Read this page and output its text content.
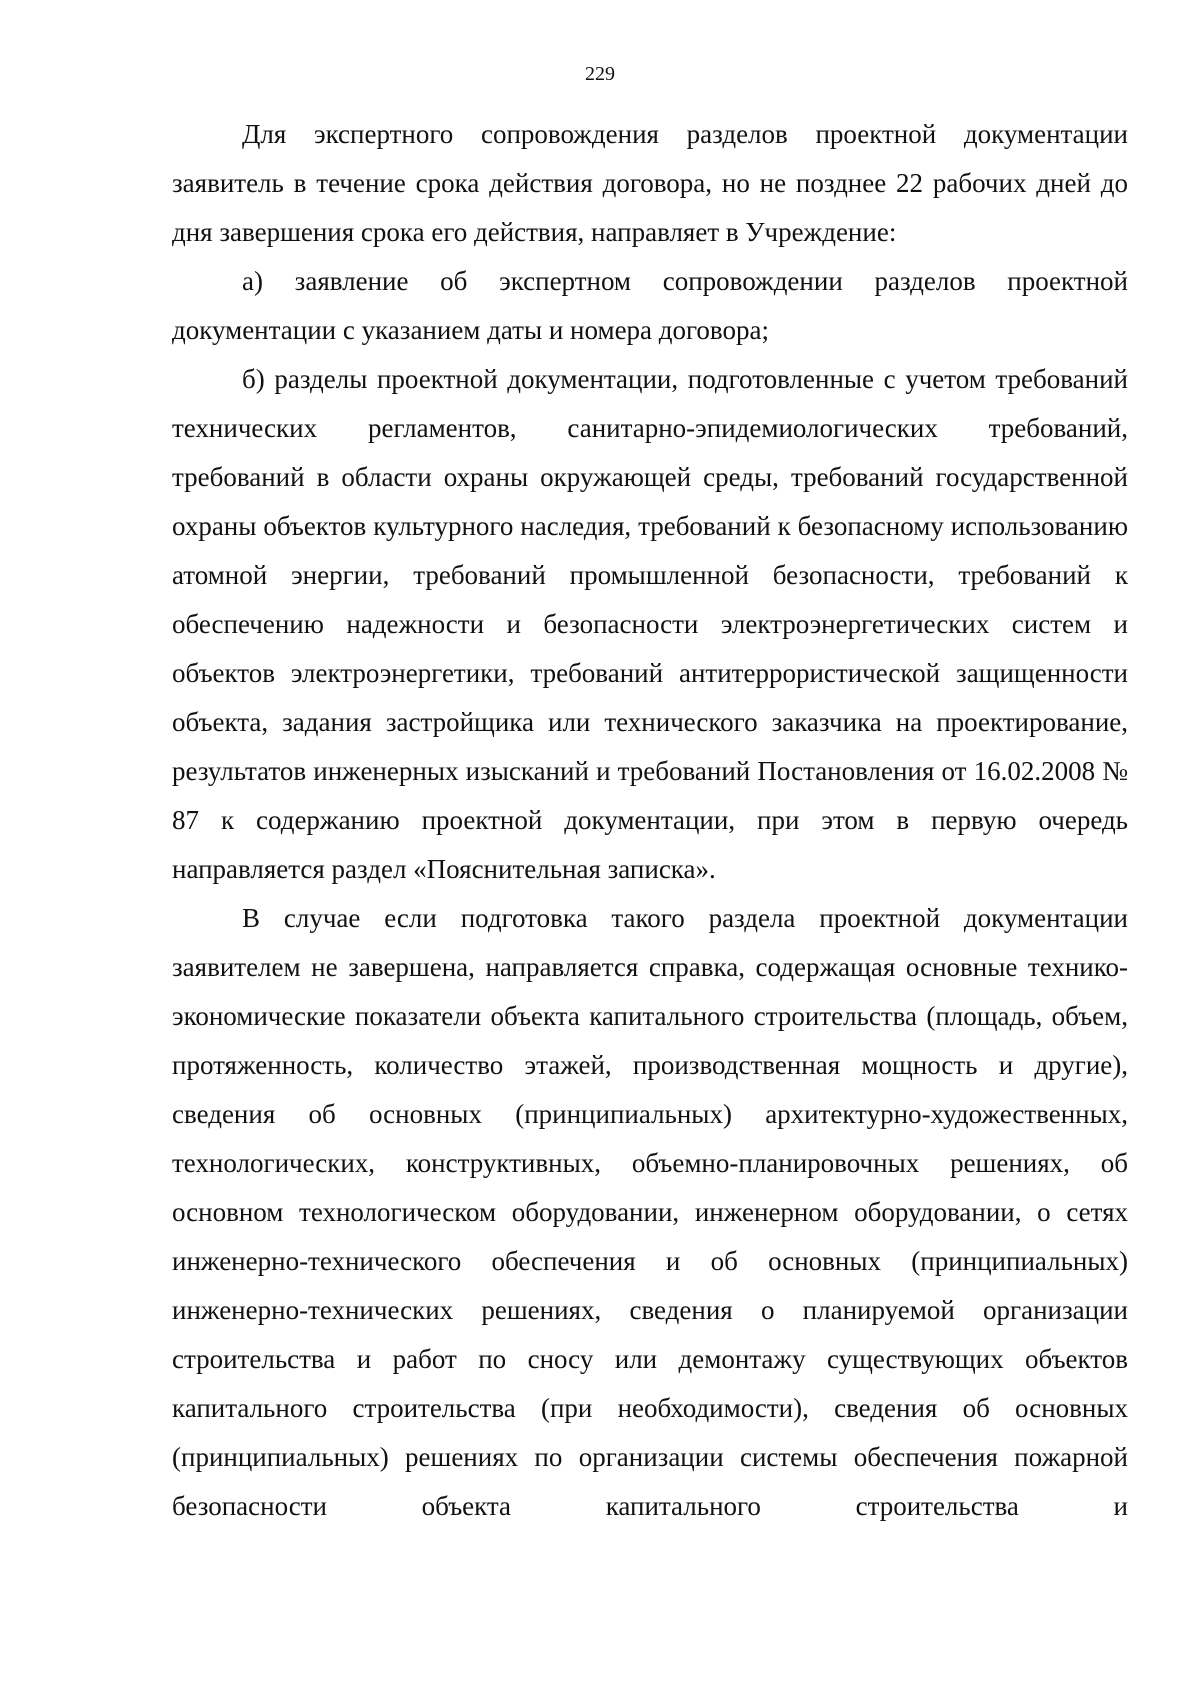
229

Для экспертного сопровождения разделов проектной документации заявитель в течение срока действия договора, но не позднее 22 рабочих дней до дня завершения срока его действия, направляет в Учреждение:

а) заявление об экспертном сопровождении разделов проектной документации с указанием даты и номера договора;

б) разделы проектной документации, подготовленные с учетом требований технических регламентов, санитарно-эпидемиологических требований, требований в области охраны окружающей среды, требований государственной охраны объектов культурного наследия, требований к безопасному использованию атомной энергии, требований промышленной безопасности, требований к обеспечению надежности и безопасности электроэнергетических систем и объектов электроэнергетики, требований антитеррористической защищенности объекта, задания застройщика или технического заказчика на проектирование, результатов инженерных изысканий и требований Постановления от 16.02.2008 № 87 к содержанию проектной документации, при этом в первую очередь направляется раздел «Пояснительная записка».

В случае если подготовка такого раздела проектной документации заявителем не завершена, направляется справка, содержащая основные технико-экономические показатели объекта капитального строительства (площадь, объем, протяженность, количество этажей, производственная мощность и другие), сведения об основных (принципиальных) архитектурно-художественных, технологических, конструктивных, объемно-планировочных решениях, об основном технологическом оборудовании, инженерном оборудовании, о сетях инженерно-технического обеспечения и об основных (принципиальных) инженерно-технических решениях, сведения о планируемой организации строительства и работ по сносу или демонтажу существующих объектов капитального строительства (при необходимости), сведения об основных (принципиальных) решениях по организации системы обеспечения пожарной безопасности объекта капитального строительства и
